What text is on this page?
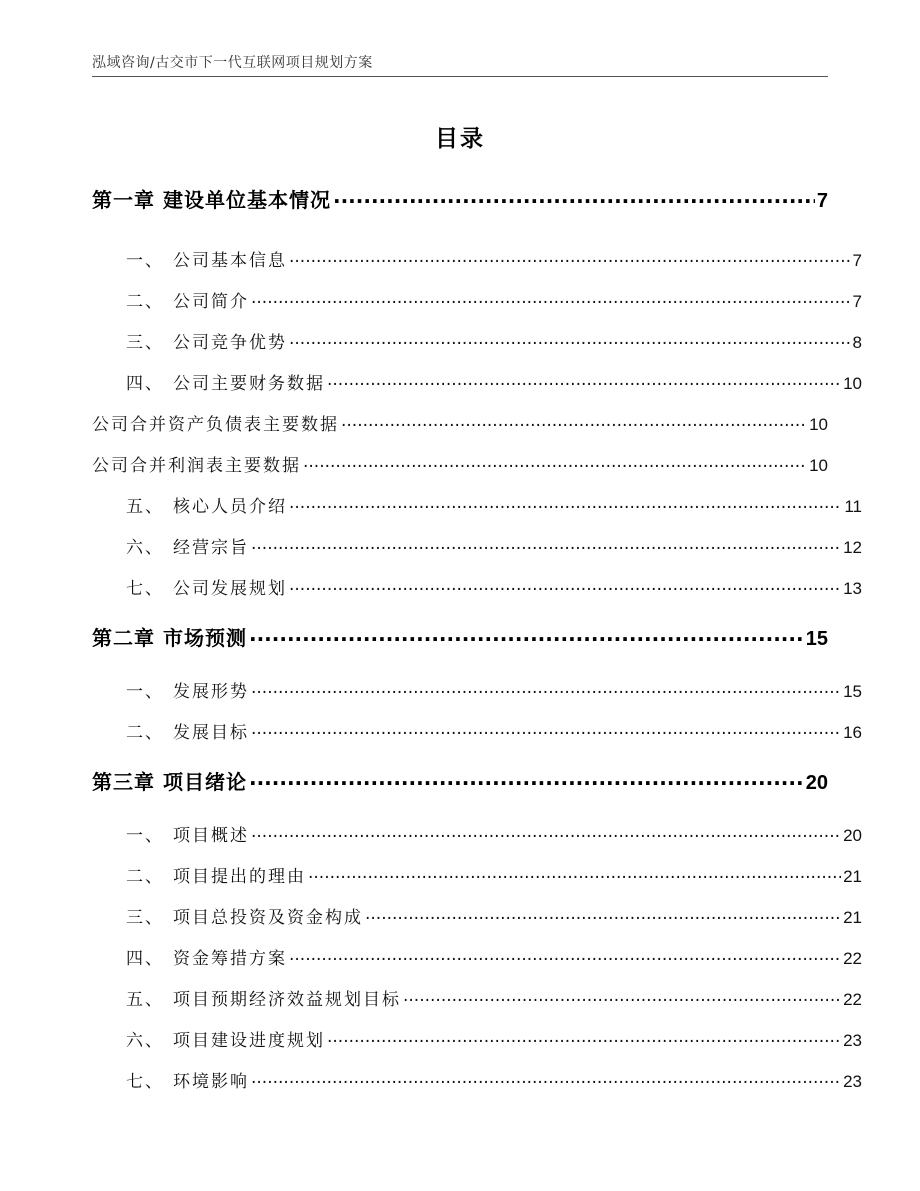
泓域咨询/古交市下一代互联网项目规划方案
目录
第一章 建设单位基本情况 .....	7
一、 公司基本信息 .....	7
二、 公司简介 .....	7
三、 公司竞争优势 .....	8
四、 公司主要财务数据 .....	10
公司合并资产负债表主要数据 .....	10
公司合并利润表主要数据 .....	10
五、 核心人员介绍 .....	11
六、 经营宗旨 .....	12
七、 公司发展规划 .....	13
第二章 市场预测 .....	15
一、 发展形势 .....	15
二、 发展目标 .....	16
第三章 项目绪论 .....	20
一、 项目概述 .....	20
二、 项目提出的理由 .....	21
三、 项目总投资及资金构成 .....	21
四、 资金筹措方案 .....	22
五、 项目预期经济效益规划目标 .....	22
六、 项目建设进度规划 .....	23
七、 环境影响 .....	23
